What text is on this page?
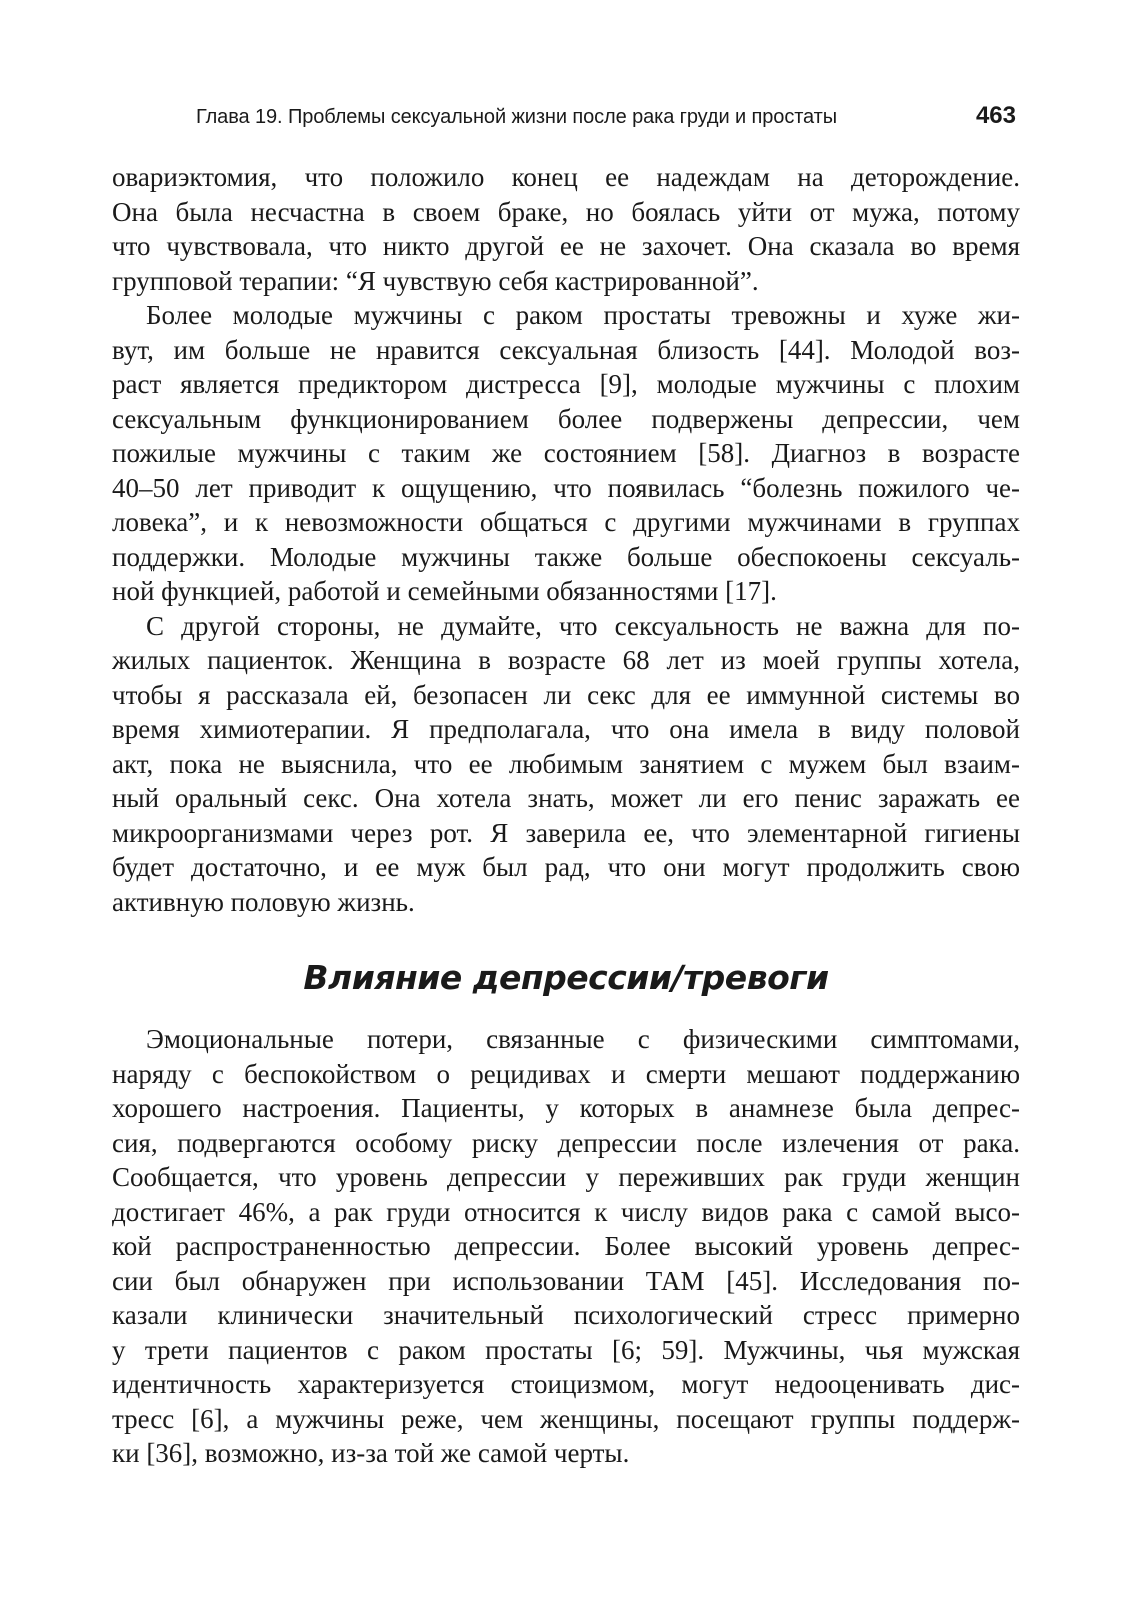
Глава 19. Проблемы сексуальной жизни после рака груди и простаты	463
овариэктомия, что положило конец ее надеждам на деторождение.
Она была несчастна в своем браке, но боялась уйти от мужа, потому
что чувствовала, что никто другой ее не захочет. Она сказала во время
групповой терапии: “Я чувствую себя кастрированной”.
Более молодые мужчины с раком простаты тревожны и хуже жи-
вут, им больше не нравится сексуальная близость [44]. Молодой воз-
раст является предиктором дистресса [9], молодые мужчины с плохим
сексуальным функционированием более подвержены депрессии, чем
пожилые мужчины с таким же состоянием [58]. Диагноз в возрасте
40–50 лет приводит к ощущению, что появилась “болезнь пожилого че-
ловека”, и к невозможности общаться с другими мужчинами в группах
поддержки. Молодые мужчины также больше обеспокоены сексуаль-
ной функцией, работой и семейными обязанностями [17].
С другой стороны, не думайте, что сексуальность не важна для по-
жилых пациенток. Женщина в возрасте 68 лет из моей группы хотела,
чтобы я рассказала ей, безопасен ли секс для ее иммунной системы во
время химиотерапии. Я предполагала, что она имела в виду половой
акт, пока не выяснила, что ее любимым занятием с мужем был взаим-
ный оральный секс. Она хотела знать, может ли его пенис заражать ее
микроорганизмами через рот. Я заверила ее, что элементарной гигиены
будет достаточно, и ее муж был рад, что они могут продолжить свою
активную половую жизнь.
Влияние депрессии/тревоги
Эмоциональные потери, связанные с физическими симптомами,
наряду с беспокойством о рецидивах и смерти мешают поддержанию
хорошего настроения. Пациенты, у которых в анамнезе была депрес-
сия, подвергаются особому риску депрессии после излечения от рака.
Сообщается, что уровень депрессии у переживших рак груди женщин
достигает 46%, а рак груди относится к числу видов рака с самой высо-
кой распространенностью депрессии. Более высокий уровень депрес-
сии был обнаружен при использовании ТАМ [45]. Исследования по-
казали клинически значительный психологический стресс примерно
у трети пациентов с раком простаты [6; 59]. Мужчины, чья мужская
идентичность характеризуется стоицизмом, могут недооценивать дис-
тресс [6], а мужчины реже, чем женщины, посещают группы поддерж-
ки [36], возможно, из-за той же самой черты.
